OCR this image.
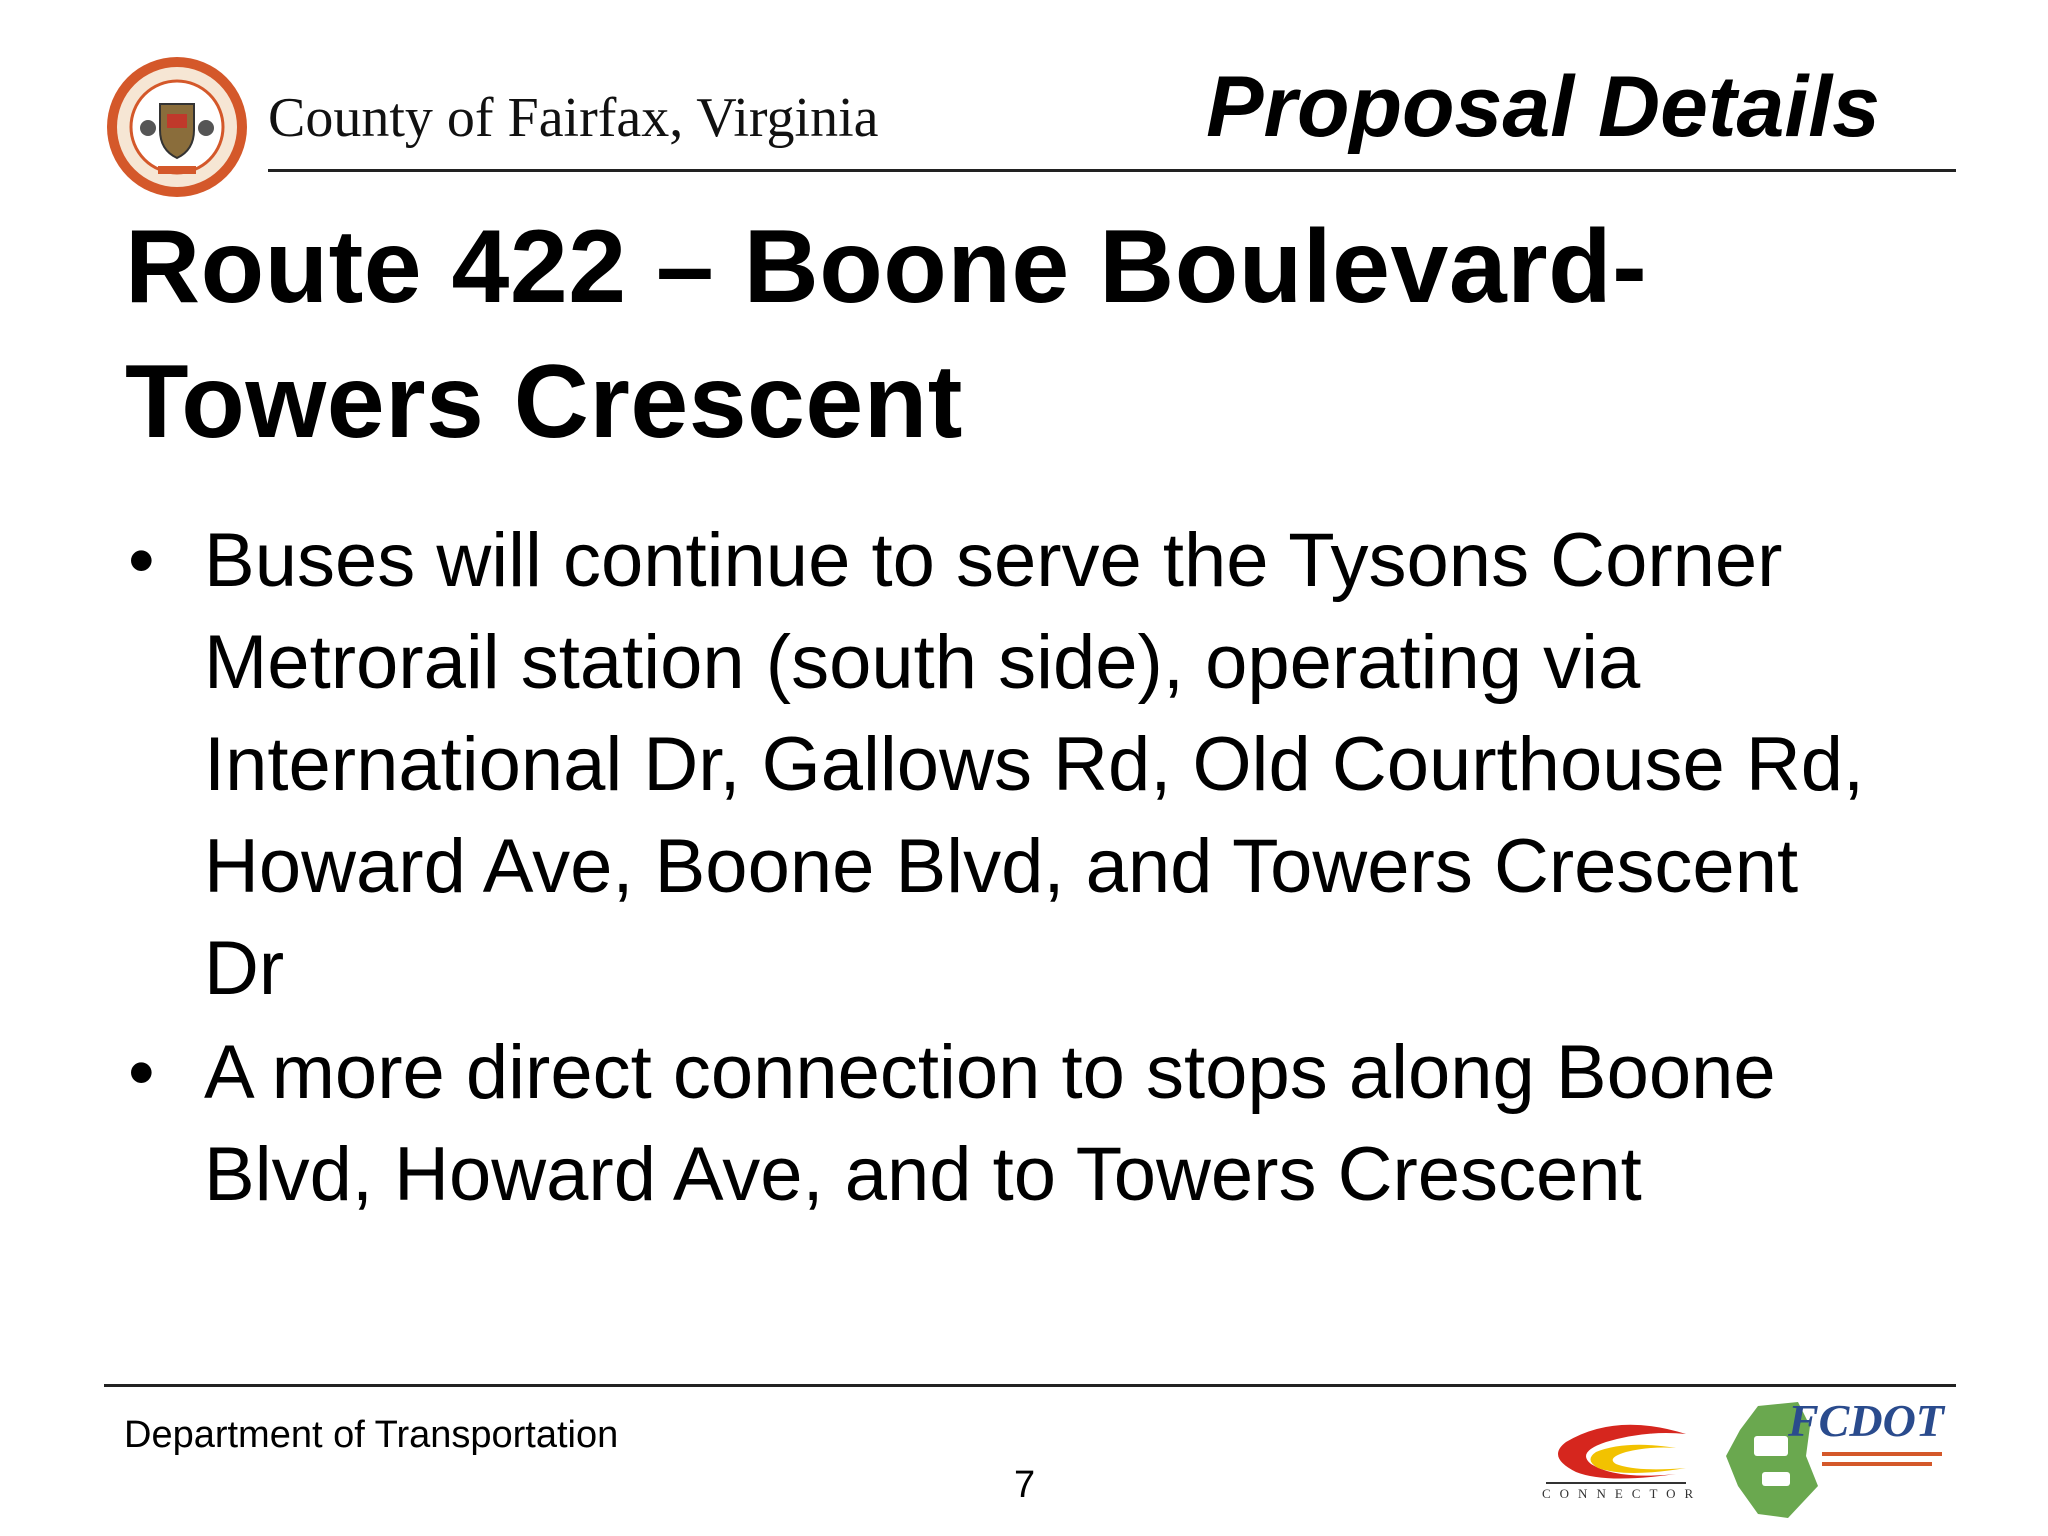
County of Fairfax, Virginia	Proposal Details
Route 422 – Boone Boulevard-Towers Crescent
• Buses will continue to serve the Tysons Corner Metrorail station (south side), operating via International Dr, Gallows Rd, Old Courthouse Rd, Howard Ave, Boone Blvd, and Towers Crescent Dr
• A more direct connection to stops along Boone Blvd, Howard Ave, and to Towers Crescent
Department of Transportation
7	CONNECTOR
FCDOT
